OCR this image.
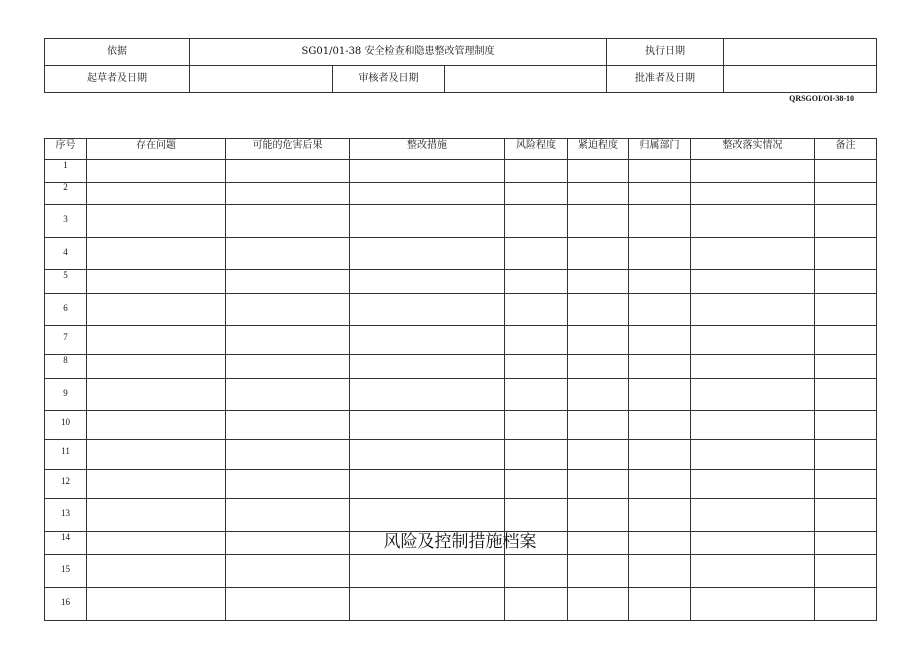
依据	SG01/01-38 安全检查和隐患整改管理制度			执行日期	
起草者及日期		审核者及日期		批准者及日期	
QRSGOI/OI-38-10
序号	存在问题	可能的危害后果	整改措施	风险程度	紧迫程度	归属部门	整改落实情况	备注
1								
2								
3								
4								
5								
6								
7								
8								
9								
10								
11								
12								
13								
14								
15								
16								
风险及控制措施档案
